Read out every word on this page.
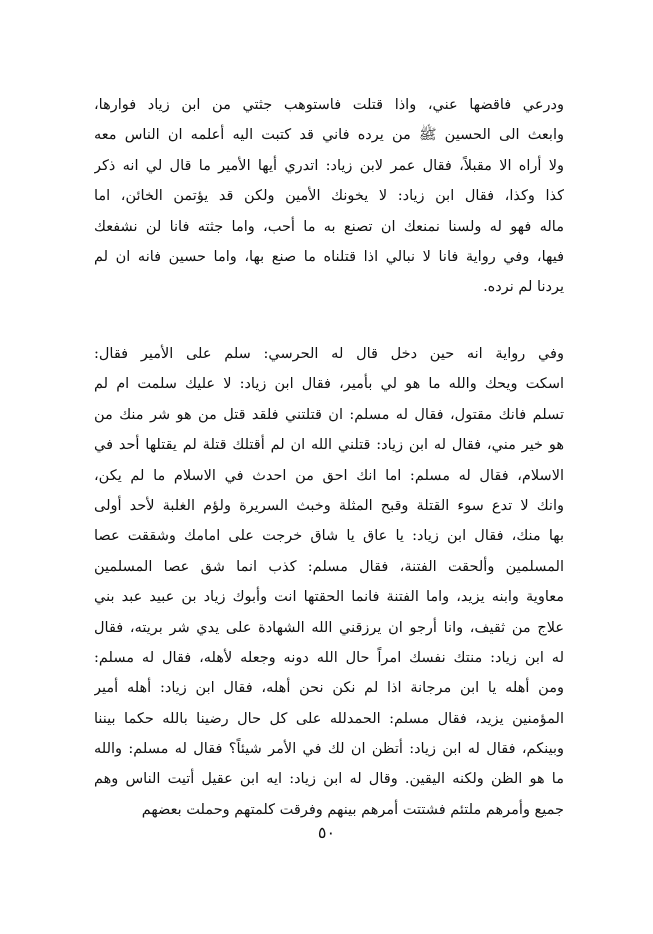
ودرعي فاقضها عني، واذا قتلت فاستوهب جثتي من ابن زياد فوارها،
وابعث الى الحسين ﷺ من يرده فاني قد كتبت اليه أعلمه ان الناس معه
ولا أراه الا مقبلاً، فقال عمر لابن زياد: اتدري أيها الأمير ما قال لي انه ذكر
كذا وكذا، فقال ابن زياد: لا يخونك الأمين ولكن قد يؤتمن الخائن، اما
ماله فهو له ولسنا نمنعك ان تصنع به ما أحب، واما جثته فانا لن نشفعك
فيها، وفي رواية فانا لا نبالي اذا قتلناه ما صنع بها، واما حسين فانه ان لم
يردنا لم نرده.
وفي رواية انه حين دخل قال له الحرسي: سلم على الأمير فقال:
اسكت ويحك والله ما هو لي بأمير، فقال ابن زياد: لا عليك سلمت ام لم
تسلم فانك مقتول، فقال له مسلم: ان قتلتني فلقد قتل من هو شر منك من
هو خير مني، فقال له ابن زياد: قتلني الله ان لم أقتلك قتلة لم يقتلها أحد في
الاسلام، فقال له مسلم: اما انك احق من احدث في الاسلام ما لم يكن،
وانك لا تدع سوء القتلة وقبح المثلة وخبث السريرة ولؤم الغلبة لأحد أولى
بها منك، فقال ابن زياد: يا عاق يا شاق خرجت على امامك وشققت عصا
المسلمين وألحقت الفتنة، فقال مسلم: كذب انما شق عصا المسلمين
معاوية وابنه يزيد، واما الفتنة فانما الحقتها انت وأبوك زياد بن عبيد عبد بني
علاج من ثقيف، وانا أرجو ان يرزقني الله الشهادة على يدي شر بريته، فقال
له ابن زياد: منتك نفسك امراً حال الله دونه وجعله لأهله، فقال له مسلم:
ومن أهله يا ابن مرجانة اذا لم نكن نحن أهله، فقال ابن زياد: أهله أمير
المؤمنين يزيد، فقال مسلم: الحمدلله على كل حال رضينا بالله حكما بيننا
وبينكم، فقال له ابن زياد: أتظن ان لك في الأمر شيئاً؟ فقال له مسلم: والله
ما هو الظن ولكنه اليقين. وقال له ابن زياد: ايه ابن عقيل أتيت الناس وهم
جميع وأمرهم ملتئم فشتتت أمرهم بينهم وفرقت كلمتهم وحملت بعضهم
٥٠
